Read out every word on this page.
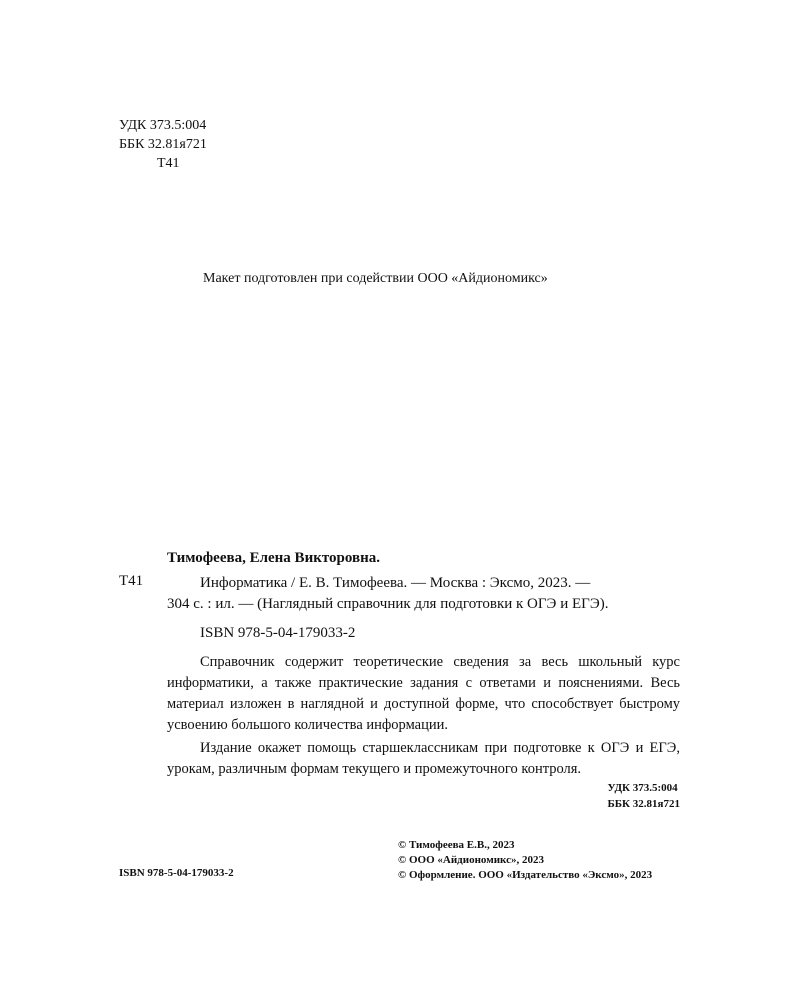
УДК 373.5:004
ББК 32.81я721
Т41
Макет подготовлен при содействии ООО «Айдиономикс»
Тимофеева, Елена Викторовна.
Т41	Информатика / Е. В. Тимофеева. — Москва : Эксмо, 2023. —
304 с. : ил. — (Наглядный справочник для подготовки к ОГЭ и ЕГЭ).
ISBN 978-5-04-179033-2

Справочник содержит теоретические сведения за весь школьный курс информатики, а также практические задания с ответами и пояснениями. Весь материал изложен в наглядной и доступной форме, что способствует быстрому усвоению большого количества информации.

Издание окажет помощь старшеклассникам при подготовке к ОГЭ и ЕГЭ, урокам, различным формам текущего и промежуточного контроля.

УДК 373.5:004
ББК 32.81я721
© Тимофеева Е.В., 2023
© ООО «Айдиономикс», 2023
© Оформление. ООО «Издательство «Эксмо», 2023
ISBN 978-5-04-179033-2
